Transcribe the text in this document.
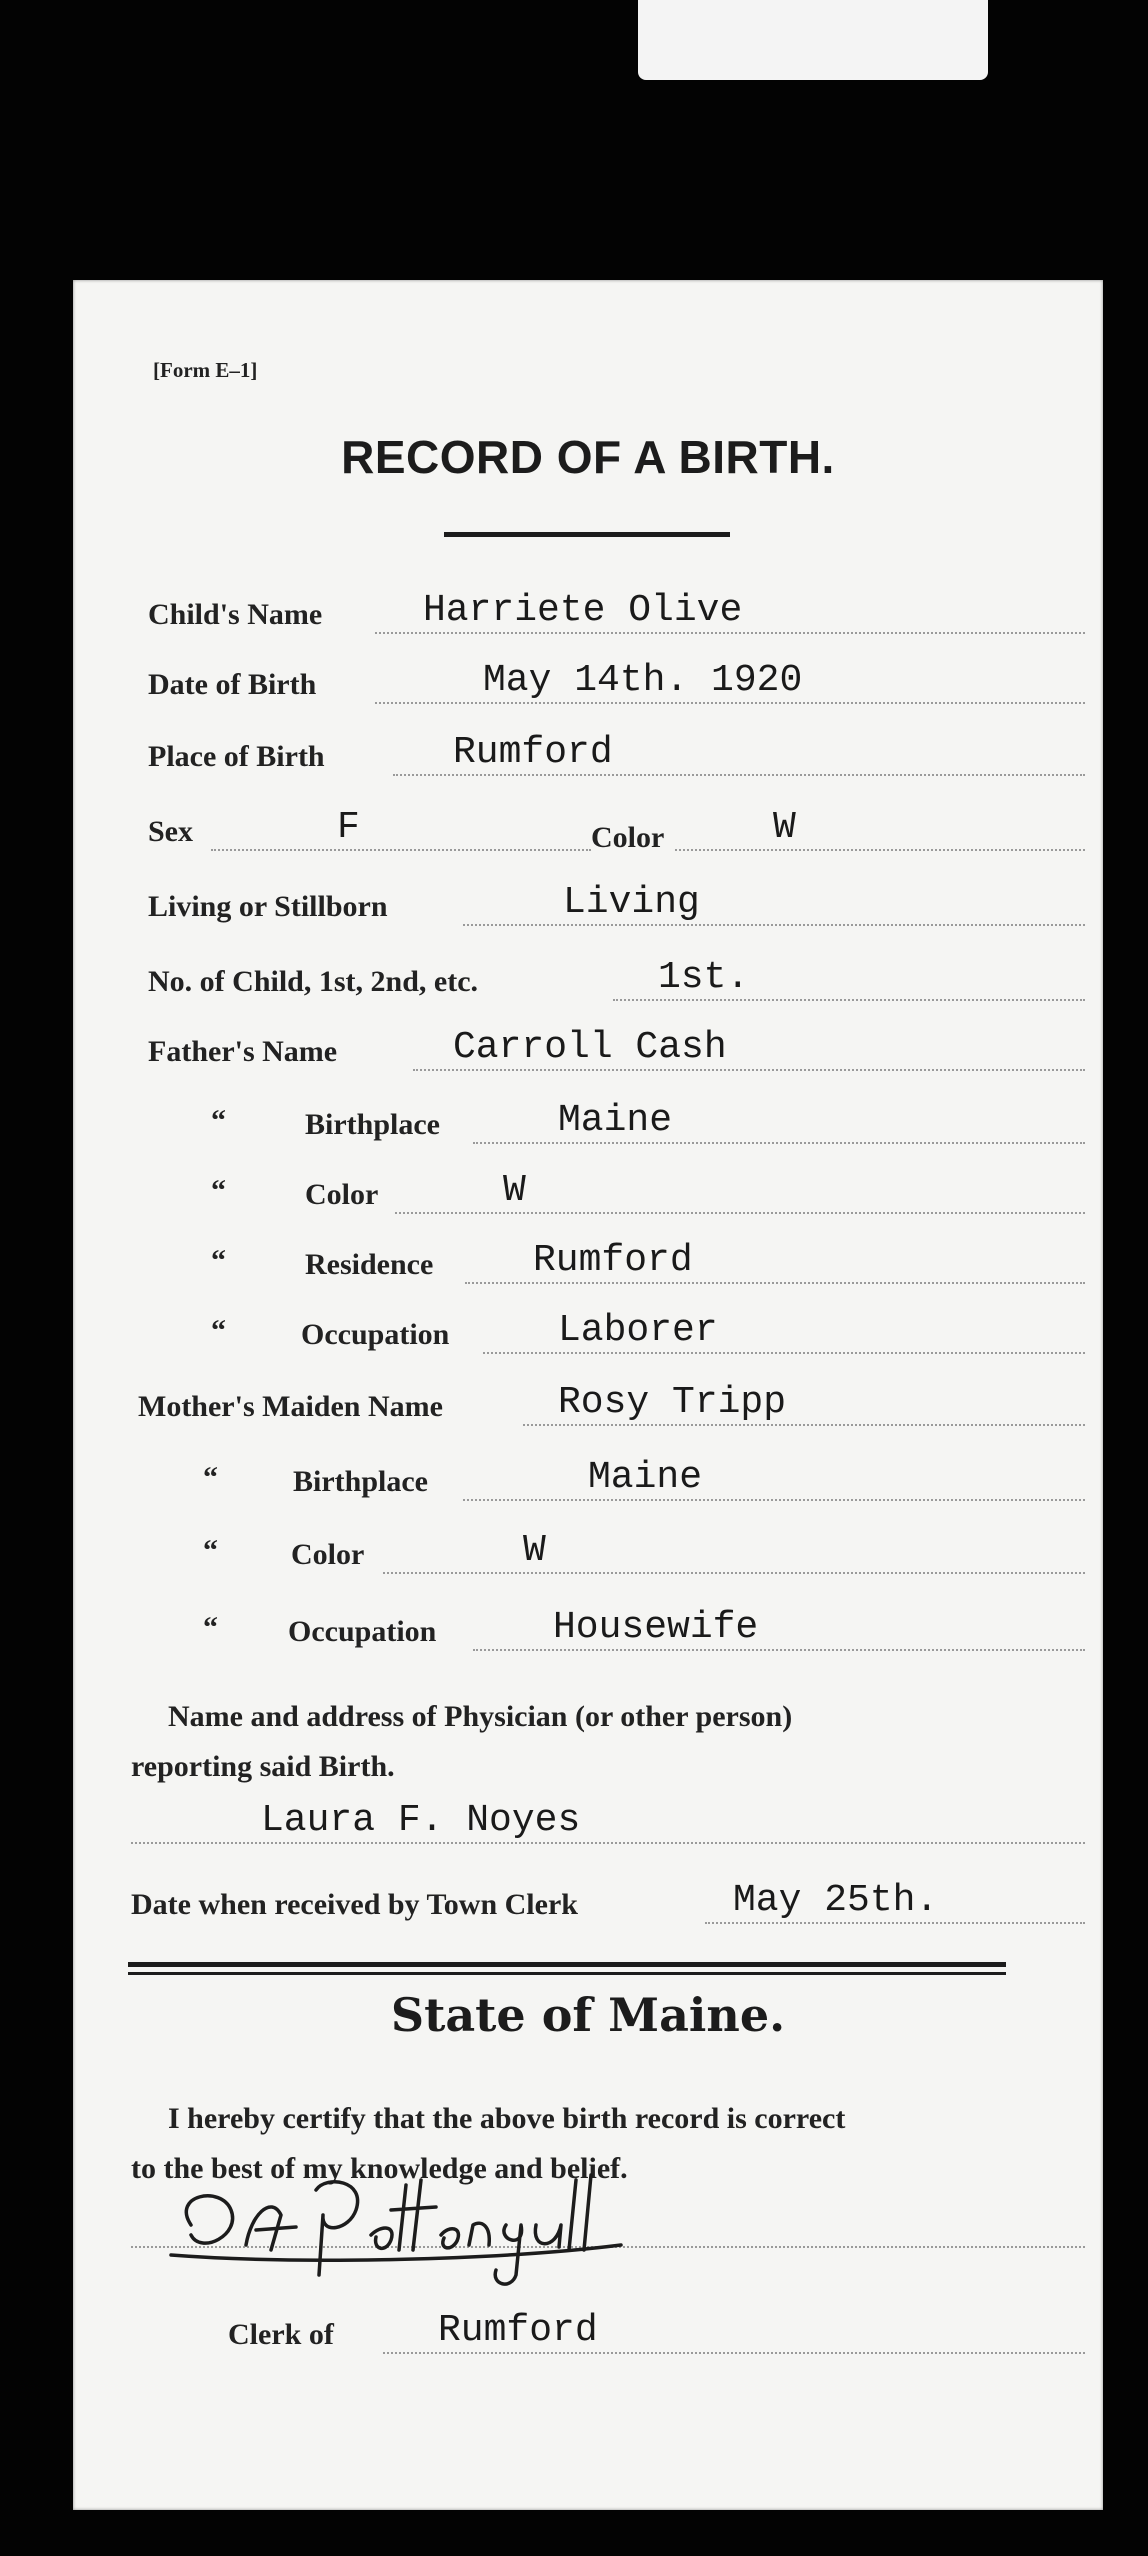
[Form E–1]
RECORD OF A BIRTH.
Child's Name	Harriete Olive
Date of Birth	May 14th. 1920
Place of Birth	Rumford
Sex	F	Color	W
Living or Stillborn	Living
No. of Child, 1st, 2nd, etc.	1st.
Father's Name	Carroll Cash
“	Birthplace	Maine
“	Color	W
“	Residence	Rumford
“	Occupation	Laborer
Mother's Maiden Name	Rosy Tripp
“	Birthplace	Maine
“ Color	W
“ Occupation	Housewife
Name and address of Physician (or other person)
reporting said Birth.
Laura F. Noyes
Date when received by Town Clerk	May 25th.
State of Maine.
I hereby certify that the above birth record is correct
to the best of my knowledge and belief.
Clerk of	Rumford
